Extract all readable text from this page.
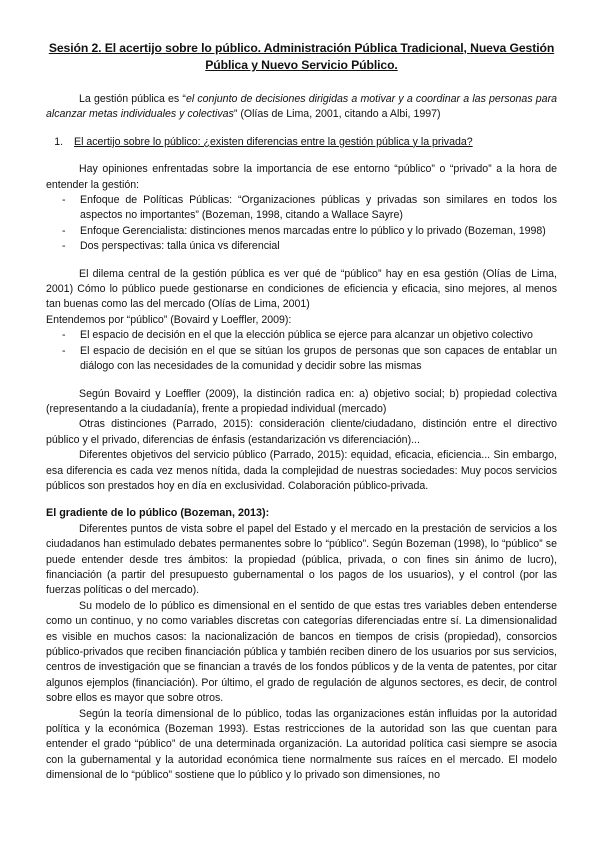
Sesión 2. El acertijo sobre lo público. Administración Pública Tradicional, Nueva Gestión Pública y Nuevo Servicio Público.

La gestión pública es “el conjunto de decisiones dirigidas a motivar y a coordinar a las personas para alcanzar metas individuales y colectivas” (Olías de Lima, 2001, citando a Albi, 1997)

1. El acertijo sobre lo público: ¿existen diferencias entre la gestión pública y la privada?

Hay opiniones enfrentadas sobre la importancia de ese entorno “público” o “privado” a la hora de entender la gestión:

- Enfoque de Políticas Públicas: “Organizaciones públicas y privadas son similares en todos los aspectos no importantes” (Bozeman, 1998, citando a Wallace Sayre)
- Enfoque Gerencialista: distinciones menos marcadas entre lo público y lo privado (Bozeman, 1998)
- Dos perspectivas: talla única vs diferencial

El dilema central de la gestión pública es ver qué de “público” hay en esa gestión (Olías de Lima, 2001) Cómo lo público puede gestionarse en condiciones de eficiencia y eficacia, sino mejores, al menos tan buenas como las del mercado (Olías de Lima, 2001)

Entendemos por “público” (Bovaird y Loeffler, 2009):

- El espacio de decisión en el que la elección pública se ejerce para alcanzar un objetivo colectivo
- El espacio de decisión en el que se sitúan los grupos de personas que son capaces de entablar un diálogo con las necesidades de la comunidad y decidir sobre las mismas

Según Bovaird y Loeffler (2009), la distinción radica en: a) objetivo social; b) propiedad colectiva (representando a la ciudadanía), frente a propiedad individual (mercado)

Otras distinciones (Parrado, 2015): consideración cliente/ciudadano, distinción entre el directivo público y el privado, diferencias de énfasis (estandarización vs diferenciación)...

Diferentes objetivos del servicio público (Parrado, 2015): equidad, eficacia, eficiencia... Sin embargo, esa diferencia es cada vez menos nítida, dada la complejidad de nuestras sociedades: Muy pocos servicios públicos son prestados hoy en día en exclusividad. Colaboración público-privada.

El gradiente de lo público (Bozeman, 2013):

Diferentes puntos de vista sobre el papel del Estado y el mercado en la prestación de servicios a los ciudadanos han estimulado debates permanentes sobre lo “público”. Según Bozeman (1998), lo “público” se puede entender desde tres ámbitos: la propiedad (pública, privada, o con fines sin ánimo de lucro), financiación (a partir del presupuesto gubernamental o los pagos de los usuarios), y el control (por las fuerzas políticas o del mercado).

Su modelo de lo público es dimensional en el sentido de que estas tres variables deben entenderse como un continuo, y no como variables discretas con categorías diferenciadas entre sí. La dimensionalidad es visible en muchos casos: la nacionalización de bancos en tiempos de crisis (propiedad), consorcios público-privados que reciben financiación pública y también reciben dinero de los usuarios por sus servicios, centros de investigación que se financian a través de los fondos públicos y de la venta de patentes, por citar algunos ejemplos (financiación). Por último, el grado de regulación de algunos sectores, es decir, de control sobre ellos es mayor que sobre otros.

Según la teoría dimensional de lo público, todas las organizaciones están influidas por la autoridad política y la económica (Bozeman 1993). Estas restricciones de la autoridad son las que cuentan para entender el grado “público” de una determinada organización. La autoridad política casi siempre se asocia con la gubernamental y la autoridad económica tiene normalmente sus raíces en el mercado. El modelo dimensional de lo “público” sostiene que lo público y lo privado son dimensiones, no
